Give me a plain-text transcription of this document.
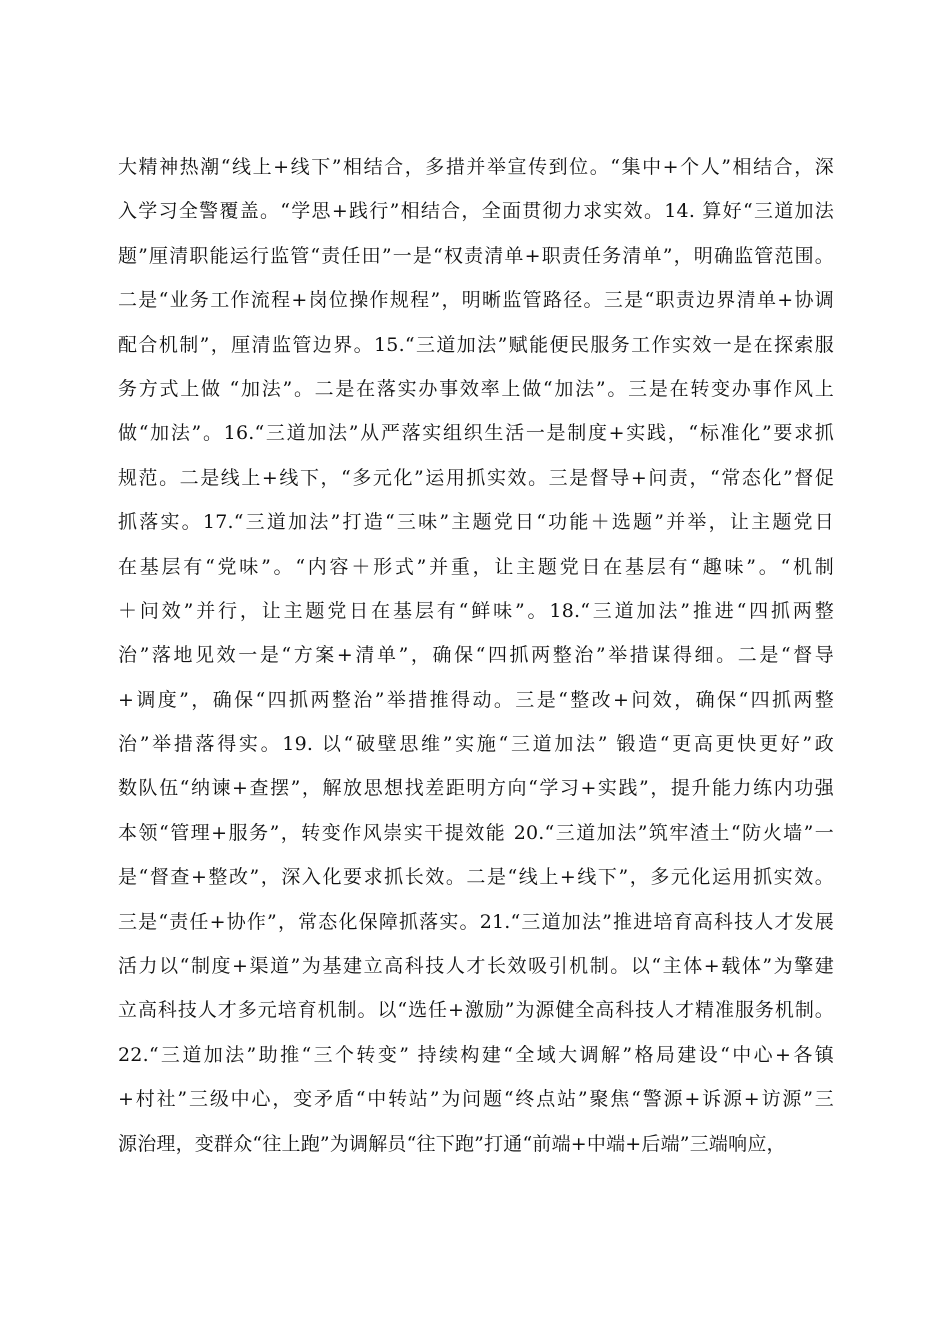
大精神热潮“线上+线下”相结合，多措并举宣传到位。“集中+个人”相结合，深
入学习全警覆盖。“学思+践行”相结合，全面贯彻力求实效。14. 算好“三道加法
题”厘清职能运行监管“责任田”一是“权责清单+职责任务清单”，明确监管范围。
二是“业务工作流程+岗位操作规程”，明晰监管路径。三是“职责边界清单+协调
配合机制”，厘清监管边界。15.“三道加法”赋能便民服务工作实效一是在探索服
务方式上做 “加法”。二是在落实办事效率上做“加法”。三是在转变办事作风上
做“加法”。16.“三道加法”从严落实组织生活一是制度+实践，“标准化”要求抓
规范。二是线上+线下，“多元化”运用抓实效。三是督导+问责，“常态化”督促
抓落实。17.“三道加法”打造“三味”主题党日“功能＋选题”并举，让主题党日
在基层有“党味”。“内容＋形式”并重，让主题党日在基层有“趣味”。“机制
＋问效”并行，让主题党日在基层有“鲜味”。18.“三道加法”推进“四抓两整
治”落地见效一是“方案+清单”，确保“四抓两整治”举措谋得细。二是“督导
+调度”，确保“四抓两整治”举措推得动。三是“整改+问效，确保“四抓两整
治”举措落得实。19. 以“破壁思维”实施“三道加法” 锻造“更高更快更好”政
数队伍“纳谏+查摆”，解放思想找差距明方向“学习+实践”，提升能力练内功强
本领“管理+服务”，转变作风崇实干提效能 20.“三道加法”筑牢渣土“防火墙”一
是“督查+整改”，深入化要求抓长效。二是“线上+线下”，多元化运用抓实效。
三是“责任+协作”，常态化保障抓落实。21.“三道加法”推进培育高科技人才发展
活力以“制度+渠道”为基建立高科技人才长效吸引机制。以“主体+载体”为擎建
立高科技人才多元培育机制。以“选任+激励”为源健全高科技人才精准服务机制。
22.“三道加法”助推“三个转变” 持续构建“全域大调解”格局建设“中心+各镇
+村社”三级中心，变矛盾“中转站”为问题“终点站”聚焦“警源+诉源+访源”三
源治理，变群众“往上跑”为调解员“往下跑”打通“前端+中端+后端”三端响应，
